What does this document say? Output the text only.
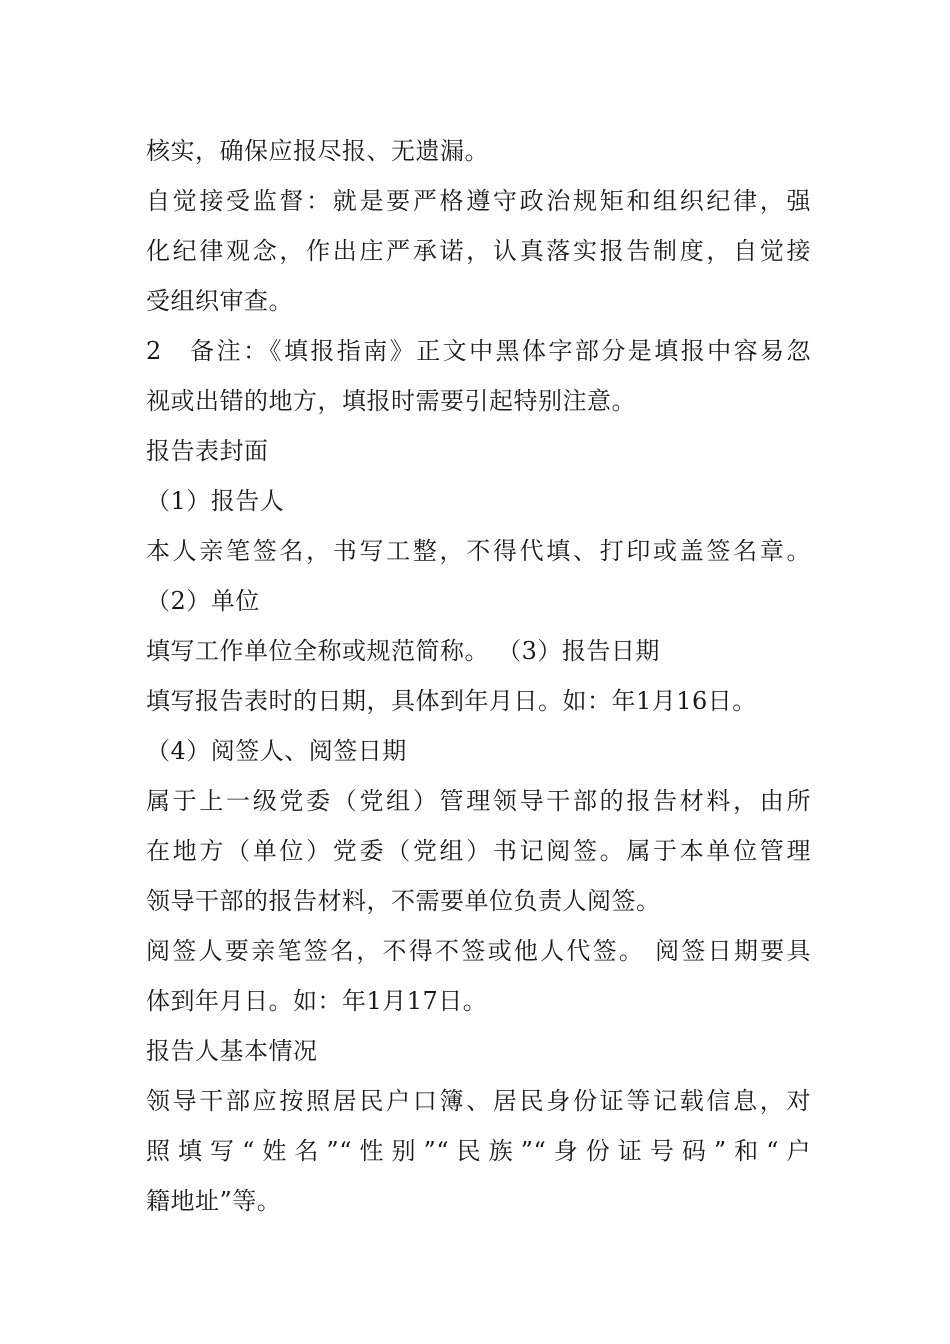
核实，确保应报尽报、无遗漏。
自觉接受监督：就是要严格遵守政治规矩和组织纪律，强
化纪律观念，作出庄严承诺，认真落实报告制度，自觉接
受组织审查。
2　备注：《填报指南》正文中黑体字部分是填报中容易忽
视或出错的地方，填报时需要引起特别注意。
报告表封面
（1）报告人
本人亲笔签名，书写工整，不得代填、打印或盖签名章。
（2）单位
填写工作单位全称或规范简称。 （3）报告日期
填写报告表时的日期，具体到年月日。如：年1月16日。
（4）阅签人、阅签日期
属于上一级党委（党组）管理领导干部的报告材料，由所
在地方（单位）党委（党组）书记阅签。属于本单位管理
领导干部的报告材料，不需要单位负责人阅签。
阅签人要亲笔签名，不得不签或他人代签。 阅签日期要具
体到年月日。如：年1月17日。
报告人基本情况
领导干部应按照居民户口簿、居民身份证等记载信息，对
照填写“姓名”“性别”“民族”“身份证号码”和“户
籍地址”等。
